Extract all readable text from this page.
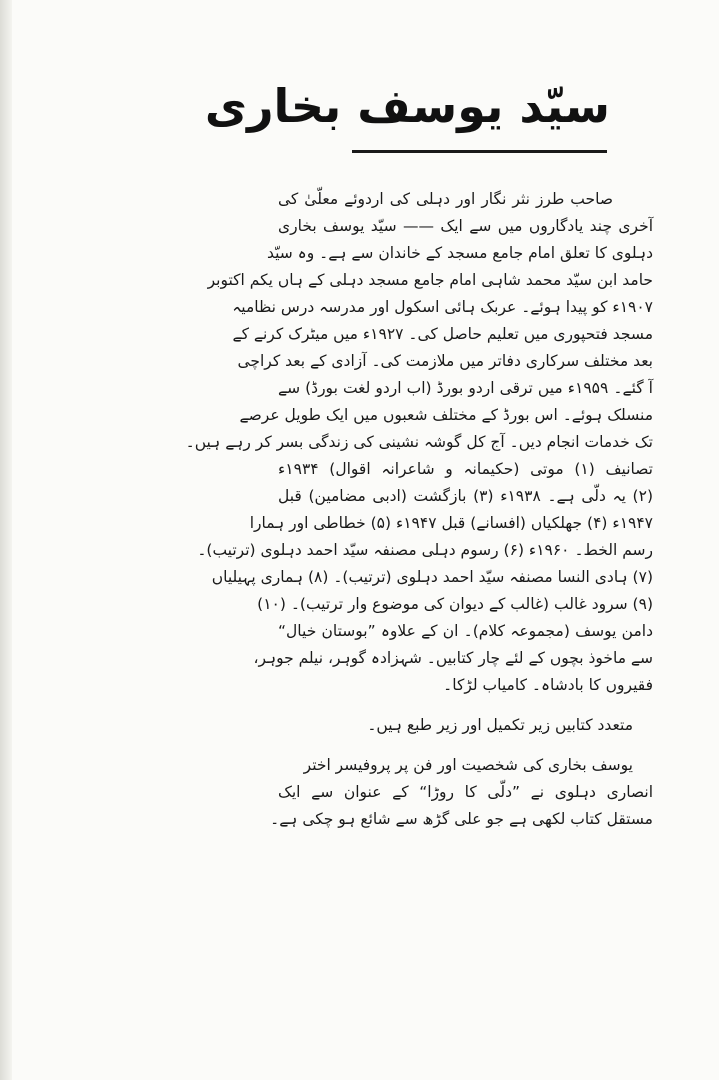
سیّد یوسف بخاری
صاحب طرز نثر نگار اور دہلی کی اردوئے معلّیٰ کی
آخری چند یادگاروں میں سے ایک —— سیّد یوسف بخاری
دہلوی کا تعلق امام جامع مسجد کے خاندان سے ہے۔ وہ سیّد
حامد ابن سیّد محمد شاہی امام جامع مسجد دہلی کے ہاں یکم اکتوبر
۱۹۰۷ء کو پیدا ہوئے۔ عربک ہائی اسکول اور مدرسہ درس نظامیہ
مسجد فتحپوری میں تعلیم حاصل کی۔ ۱۹۲۷ء میں میٹرک کرنے کے
بعد مختلف سرکاری دفاتر میں ملازمت کی۔ آزادی کے بعد کراچی
آ گئے۔ ۱۹۵۹ء میں ترقی اردو بورڈ (اب اردو لغت بورڈ) سے
منسلک ہوئے۔ اس بورڈ کے مختلف شعبوں میں ایک طویل عرصے
تک خدمات انجام دیں۔ آج کل گوشہ نشینی کی زندگی بسر کر رہے ہیں۔
تصانیف (۱) موتی (حکیمانہ و شاعرانہ اقوال) ۱۹۳۴ء
(۲) یہ دلّی ہے۔ ۱۹۳۸ء (۳) بازگشت (ادبی مضامین) قبل
۱۹۴۷ء (۴) جھلکیاں (افسانے) قبل ۱۹۴۷ء (۵) خطاطی اور ہمارا
رسم الخط۔ ۱۹۶۰ء (۶) رسوم دہلی مصنفہ سیّد احمد دہلوی (ترتیب)۔
(۷) ہادی النسا مصنفہ سیّد احمد دہلوی (ترتیب)۔ (۸) ہماری پہیلیاں
(۹) سرود غالب (غالب کے دیوان کی موضوع وار ترتیب)۔ (۱۰)
دامن یوسف (مجموعہ کلام)۔ ان کے علاوہ ”بوستان خیال“
سے ماخوذ بچوں کے لئے چار کتابیں۔ شہزادہ گوہر، نیلم جوہر،
فقیروں کا بادشاہ۔ کامیاب لڑکا۔
متعدد کتابیں زیر تکمیل اور زیر طبع ہیں۔
یوسف بخاری کی شخصیت اور فن پر پروفیسر اختر
انصاری دہلوی نے ”دلّی کا روڑا“ کے عنوان سے ایک
مستقل کتاب لکھی ہے جو علی گڑھ سے شائع ہو چکی ہے۔
